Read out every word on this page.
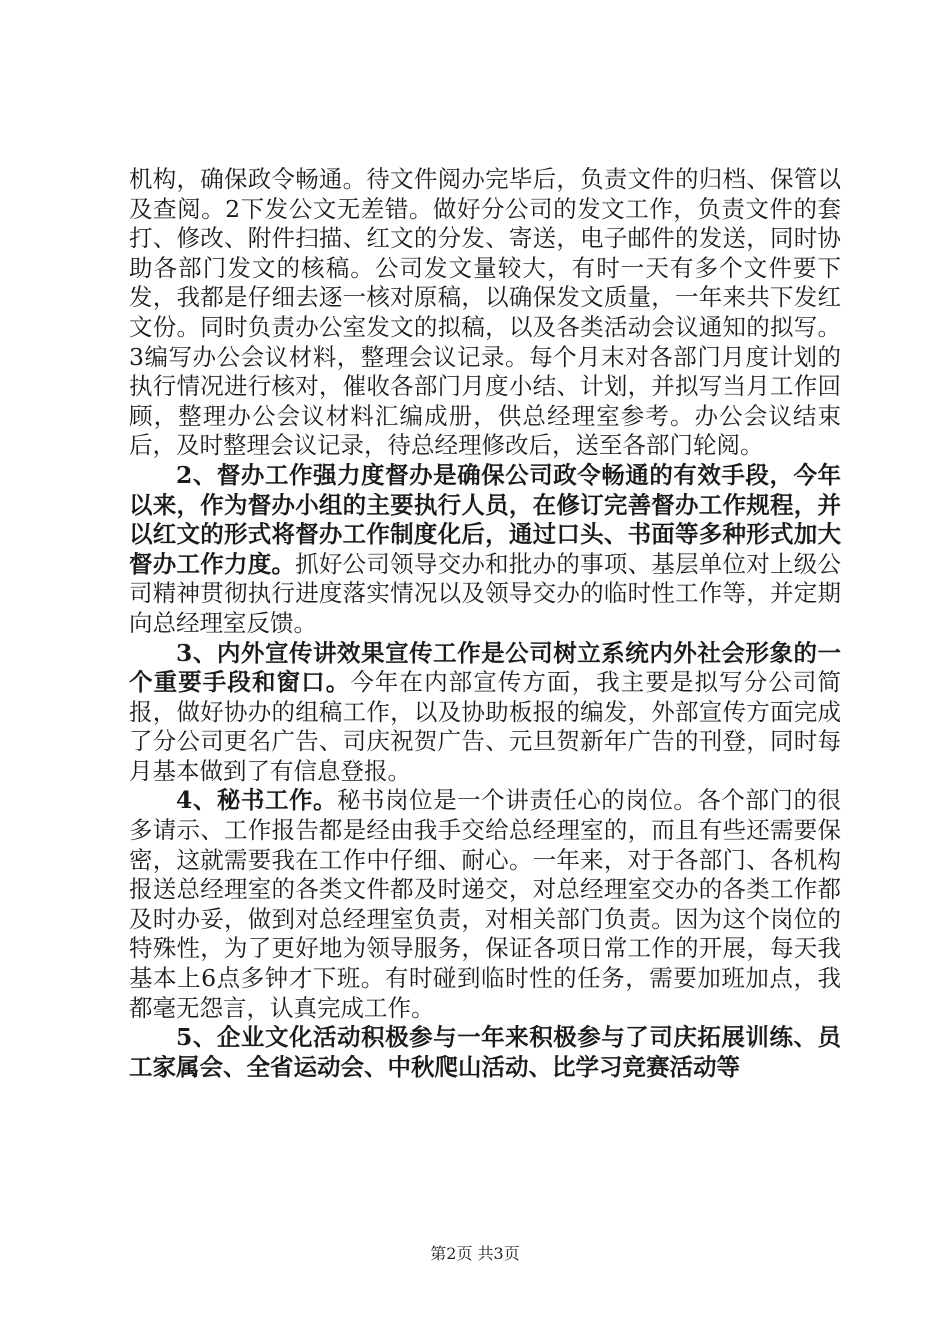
机构，确保政令畅通。待文件阅办完毕后，负责文件的归档、保管以及查阅。2下发公文无差错。做好分公司的发文工作，负责文件的套打、修改、附件扫描、红文的分发、寄送，电子邮件的发送，同时协助各部门发文的核稿。公司发文量较大，有时一天有多个文件要下发，我都是仔细去逐一核对原稿，以确保发文质量，一年来共下发红文份。同时负责办公室发文的拟稿，以及各类活动会议通知的拟写。3编写办公会议材料，整理会议记录。每个月末对各部门月度计划的执行情况进行核对，催收各部门月度小结、计划，并拟写当月工作回顾，整理办公会议材料汇编成册，供总经理室参考。办公会议结束后，及时整理会议记录，待总经理修改后，送至各部门轮阅。

2、督办工作强力度督办是确保公司政令畅通的有效手段，今年以来，作为督办小组的主要执行人员，在修订完善督办工作规程，并以红文的形式将督办工作制度化后，通过口头、书面等多种形式加大督办工作力度。抓好公司领导交办和批办的事项、基层单位对上级公司精神贯彻执行进度落实情况以及领导交办的临时性工作等，并定期向总经理室反馈。

3、内外宣传讲效果宣传工作是公司树立系统内外社会形象的一个重要手段和窗口。今年在内部宣传方面，我主要是拟写分公司简报，做好协办的组稿工作，以及协助板报的编发，外部宣传方面完成了分公司更名广告、司庆祝贺广告、元旦贺新年广告的刊登，同时每月基本做到了有信息登报。

4、秘书工作。秘书岗位是一个讲责任心的岗位。各个部门的很多请示、工作报告都是经由我手交给总经理室的，而且有些还需要保密，这就需要我在工作中仔细、耐心。一年来，对于各部门、各机构报送总经理室的各类文件都及时递交，对总经理室交办的各类工作都及时办妥，做到对总经理室负责，对相关部门负责。因为这个岗位的特殊性，为了更好地为领导服务，保证各项日常工作的开展，每天我基本上6点多钟才下班。有时碰到临时性的任务，需要加班加点，我都毫无怨言，认真完成工作。

5、企业文化活动积极参与一年来积极参与了司庆拓展训练、员工家属会、全省运动会、中秋爬山活动、比学习竞赛活动等

第2页 共3页
